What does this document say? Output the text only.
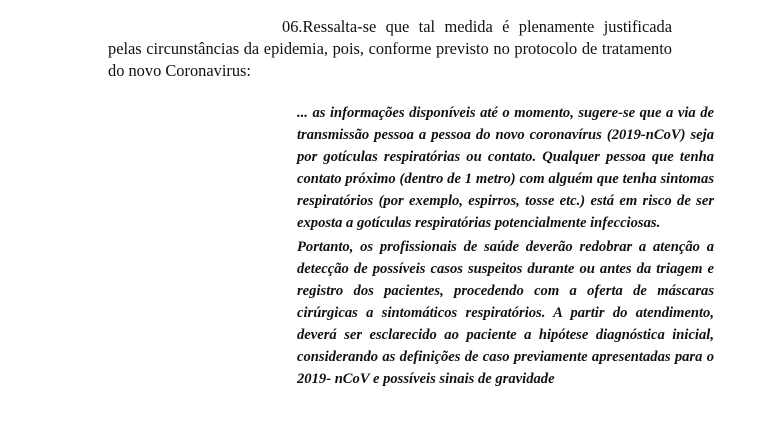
06.Ressalta-se que tal medida é plenamente justificada pelas circunstâncias da epidemia, pois, conforme previsto no protocolo de tratamento do novo Coronavirus:

... as informações disponíveis até o momento, sugere-se que a via de
transmissão pessoa a pessoa do novo coronavírus (2019-nCoV) seja
por gotículas respiratórias ou contato. Qualquer pessoa que tenha
contato próximo (dentro de 1 metro) com alguém que tenha sintomas
respiratórios (por exemplo, espirros, tosse etc.) está em risco de ser
exposta a gotículas respiratórias potencialmente infecciosas.
Portanto, os profissionais de saúde deverão redobrar a atenção a
detecção de possíveis casos suspeitos durante ou antes da triagem e
registro dos pacientes, procedendo com a oferta de máscaras
cirúrgicas a sintomáticos respiratórios. A partir do atendimento,
deverá ser esclarecido ao paciente a hipótese diagnóstica inicial,
considerando as definições de caso previamente apresentadas para o
2019- nCoV e possíveis sinais de gravidade
